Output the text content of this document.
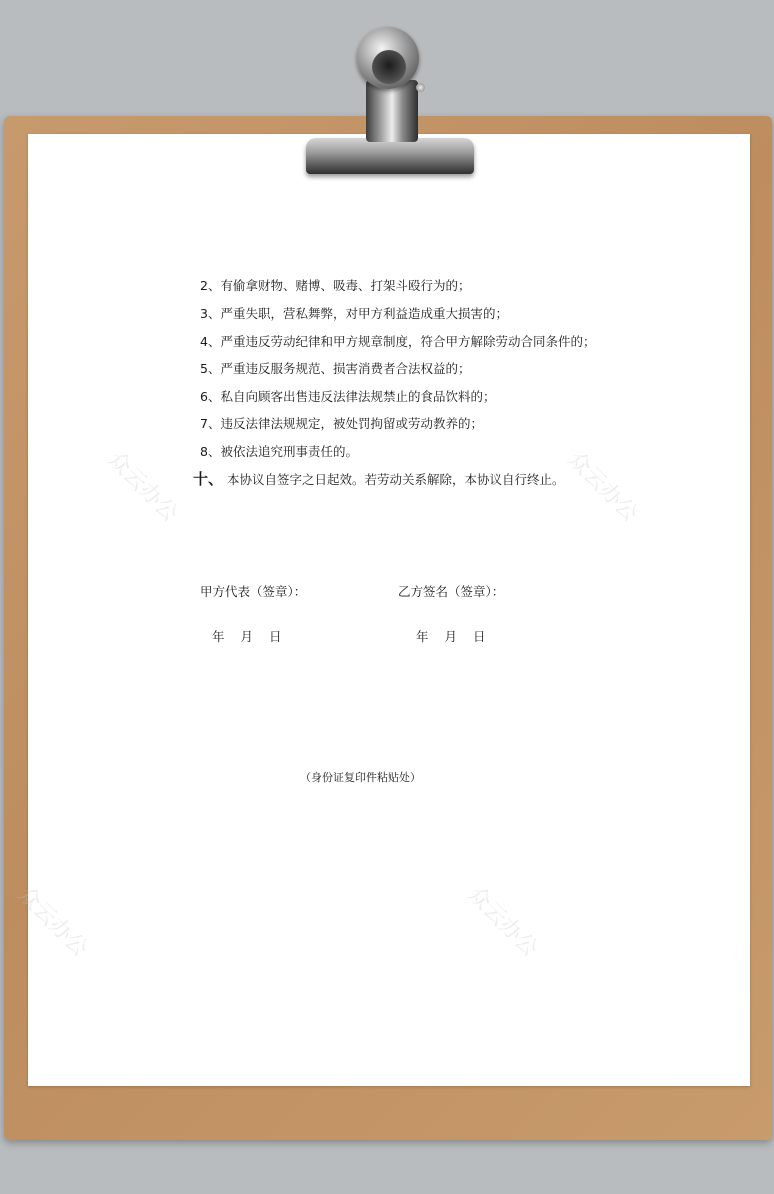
众云办公	众云办公
众云办公	众云办公
2、有偷拿财物、赌博、吸毒、打架斗殴行为的；
3、严重失职，营私舞弊，对甲方利益造成重大损害的；
4、严重违反劳动纪律和甲方规章制度，符合甲方解除劳动合同条件的；
5、严重违反服务规范、损害消费者合法权益的；
6、私自向顾客出售违反法律法规禁止的食品饮料的；
7、违反法律法规规定，被处罚拘留或劳动教养的；
8、被依法追究刑事责任的。
十、 本协议自签字之日起效。若劳动关系解除，本协议自行终止。
甲方代表（签章）：	乙方签名（签章）：
年 月 日	年 月 日
（身份证复印件粘贴处）
